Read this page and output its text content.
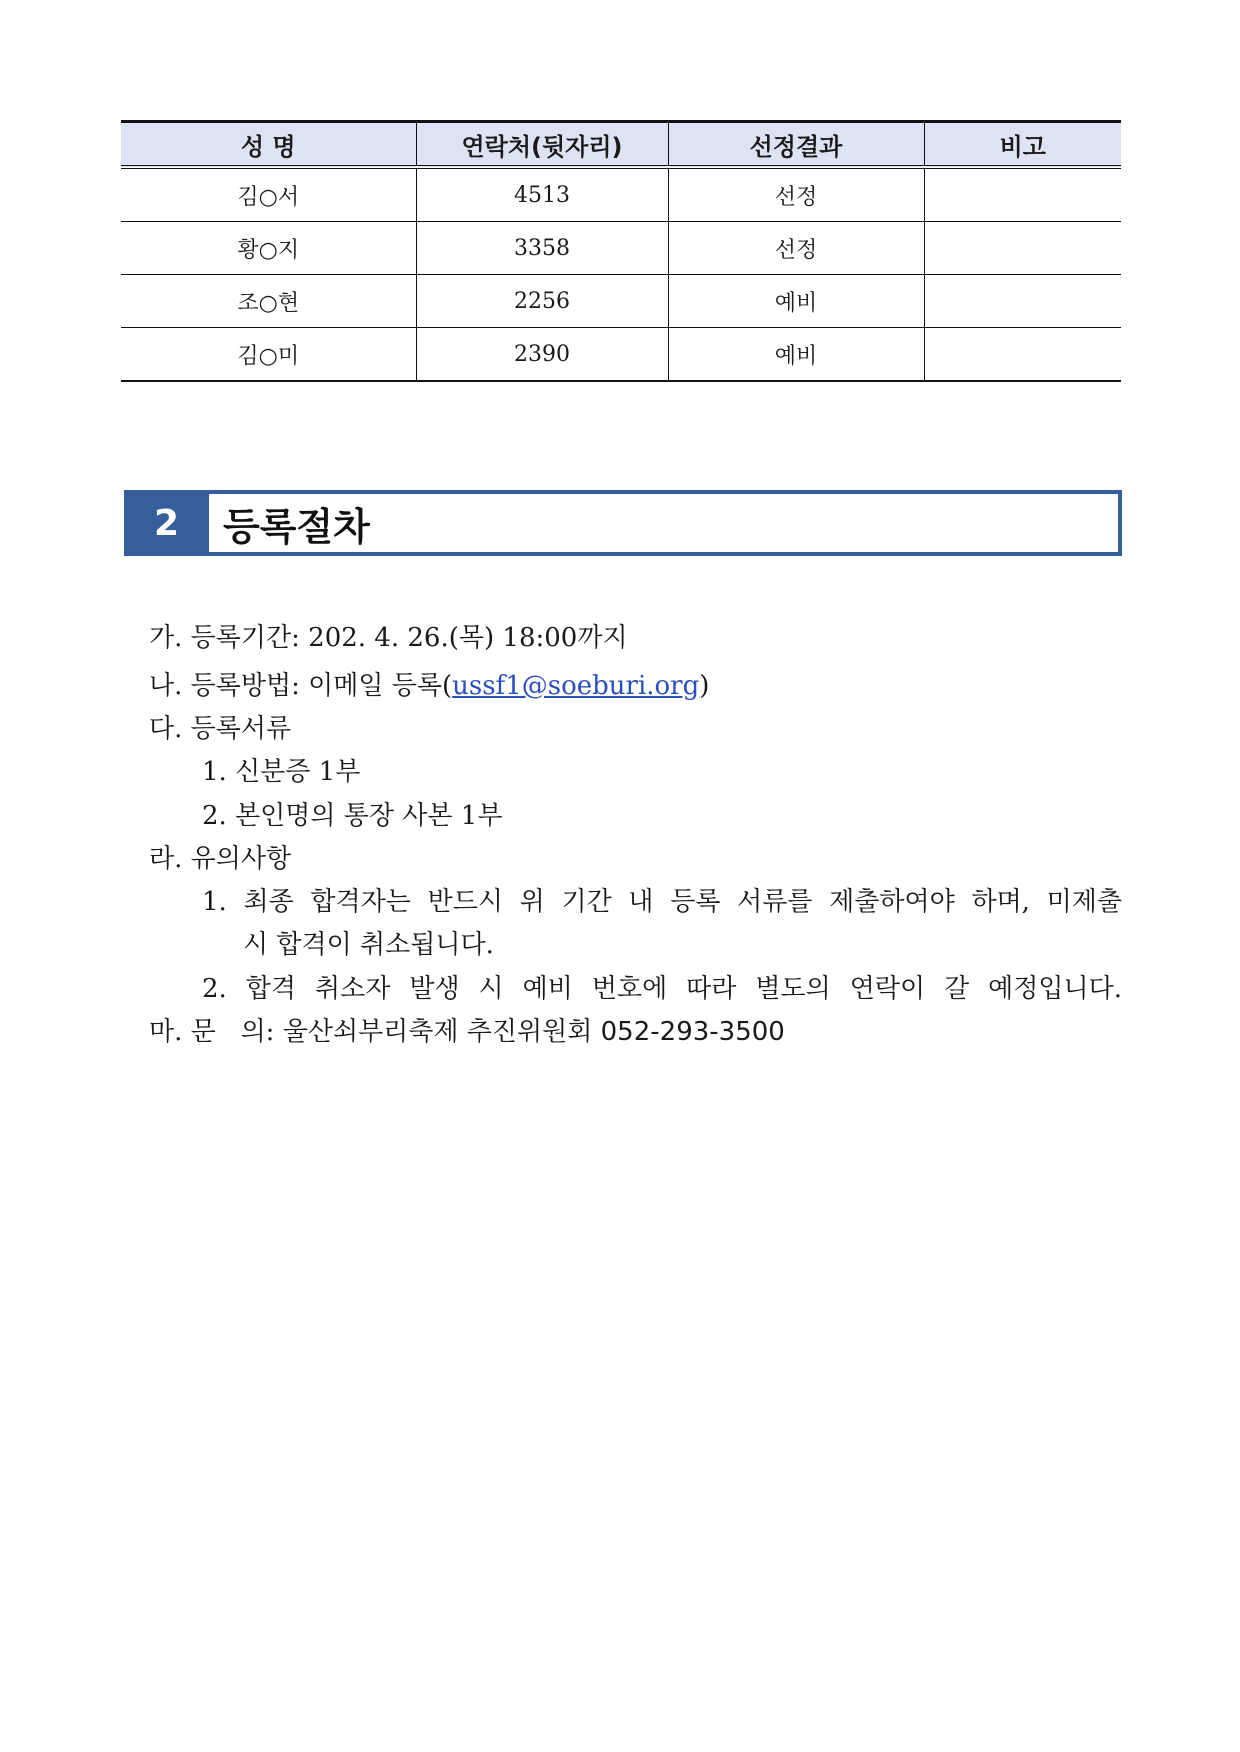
성 명	연락처(뒷자리)	선정결과	비고
김○서	4513	선정	
황○지	3358	선정	
조○현	2256	예비	
김○미	2390	예비	
2	등록절차
가. 등록기간: 202. 4. 26.(목) 18:00까지
나. 등록방법: 이메일 등록(ussf1@soeburi.org)
다. 등록서류
1. 신분증 1부
2. 본인명의 통장 사본 1부
라. 유의사항
1. 최종 합격자는 반드시 위 기간 내 등록 서류를 제출하여야 하며, 미제출
시 합격이 취소됩니다.
2. 합격 취소자 발생 시 예비 번호에 따라 별도의 연락이 갈 예정입니다.
마. 문   의: 울산쇠부리축제 추진위원회 052-293-3500
